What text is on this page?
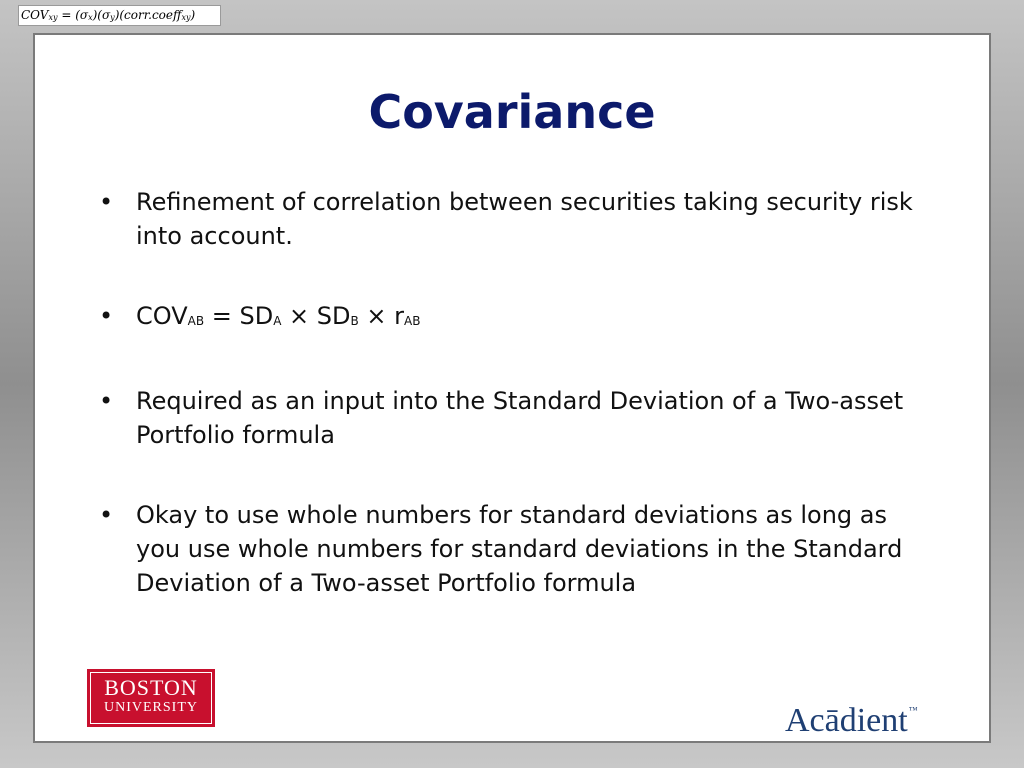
$COV_{xy}$ = $(\sigma_x)(\sigma_y)(corr.coeff_{xy})$
Covariance
• Refinement of correlation between securities taking security risk into account.
• $COV_{AB} = SD_A \times SD_B \times r_{AB}$
• Required as an input into the Standard Deviation of a Two-asset Portfolio formula
• Okay to use whole numbers for standard deviations as long as you use whole numbers for standard deviations in the Standard Deviation of a Two-asset Portfolio formula
BOSTON
UNIVERSITY	Acādient™
